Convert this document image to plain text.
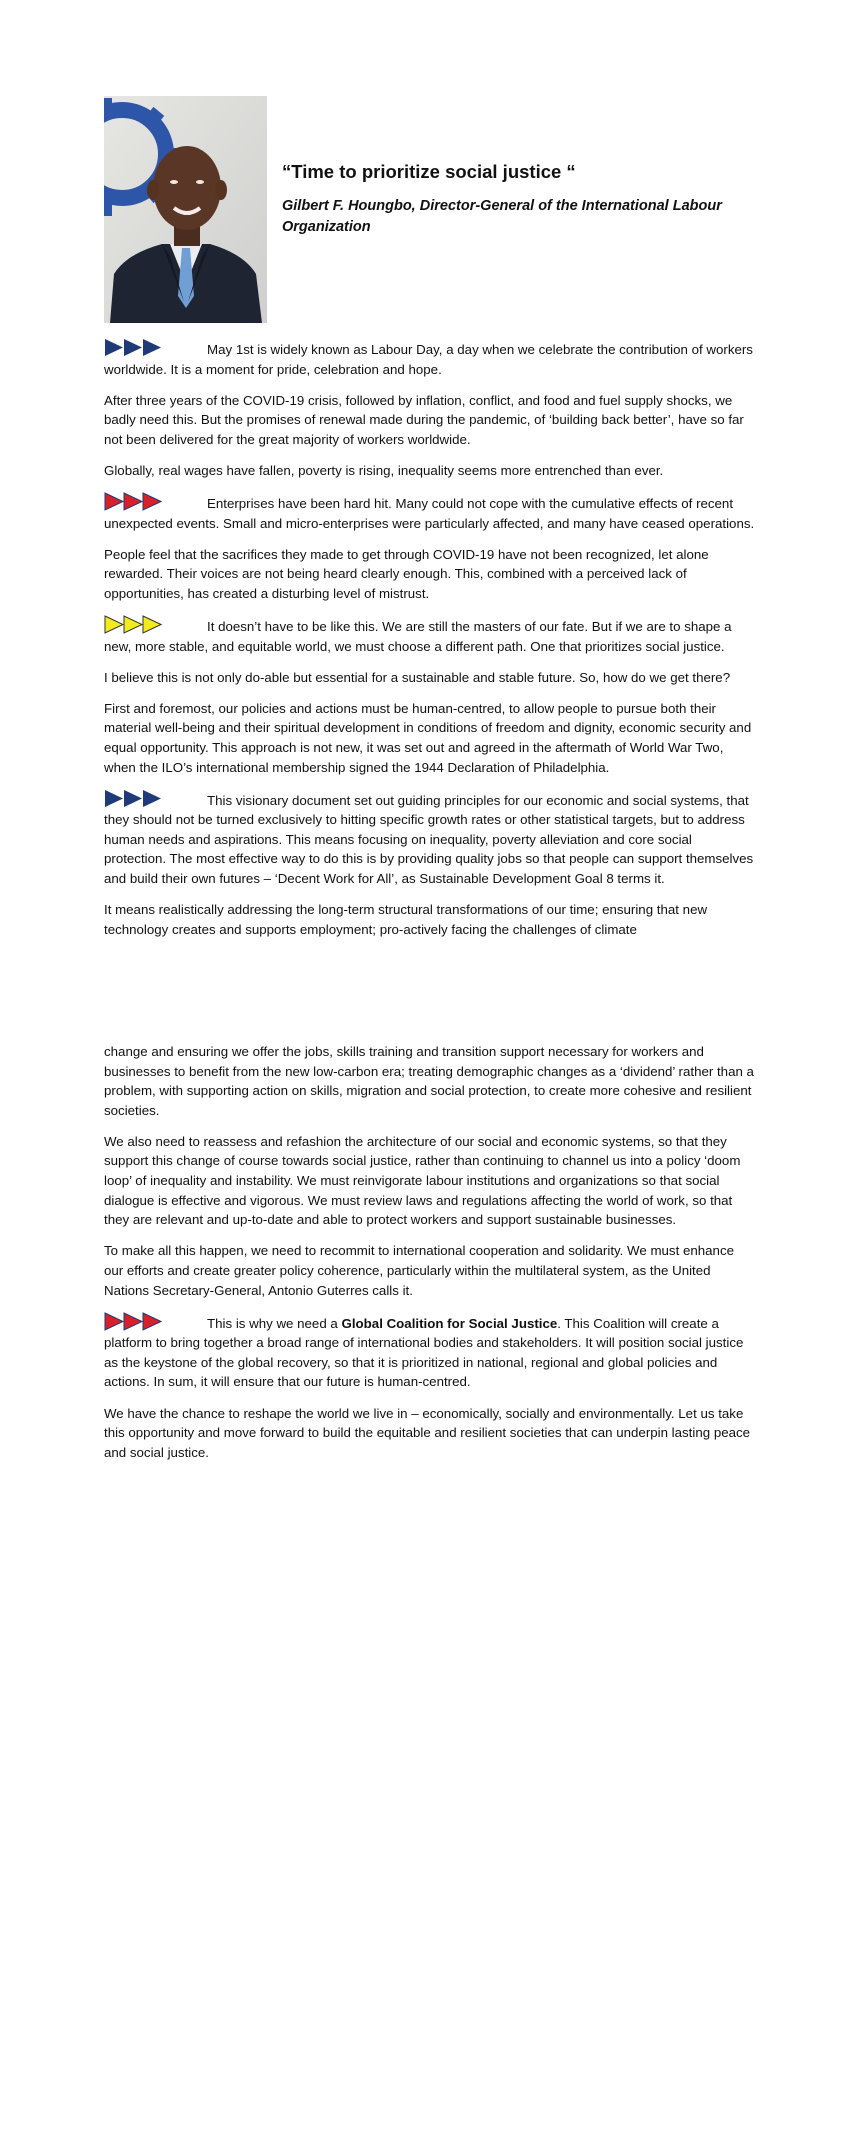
“Time to prioritize social justice “

Gilbert F. Houngbo, Director-General of the International Labour Organization

May 1st is widely known as Labour Day, a day when we celebrate the contribution of workers worldwide. It is a moment for pride, celebration and hope.

After three years of the COVID-19 crisis, followed by inflation, conflict, and food and fuel supply shocks, we badly need this. But the promises of renewal made during the pandemic, of ‘building back better’, have so far not been delivered for the great majority of workers worldwide.

Globally, real wages have fallen, poverty is rising, inequality seems more entrenched than ever.

Enterprises have been hard hit. Many could not cope with the cumulative effects of recent unexpected events. Small and micro-enterprises were particularly affected, and many have ceased operations.

People feel that the sacrifices they made to get through COVID-19 have not been recognized, let alone rewarded. Their voices are not being heard clearly enough. This, combined with a perceived lack of opportunities, has created a disturbing level of mistrust.

It doesn’t have to be like this. We are still the masters of our fate. But if we are to shape a new, more stable, and equitable world, we must choose a different path. One that prioritizes social justice.

I believe this is not only do-able but essential for a sustainable and stable future. So, how do we get there?

First and foremost, our policies and actions must be human-centred, to allow people to pursue both their material well-being and their spiritual development in conditions of freedom and dignity, economic security and equal opportunity. This approach is not new, it was set out and agreed in the aftermath of World War Two, when the ILO’s international membership signed the 1944 Declaration of Philadelphia.

This visionary document set out guiding principles for our economic and social systems, that they should not be turned exclusively to hitting specific growth rates or other statistical targets, but to address human needs and aspirations. This means focusing on inequality, poverty alleviation and core social protection. The most effective way to do this is by providing quality jobs so that people can support themselves and build their own futures – ‘Decent Work for All’, as Sustainable Development Goal 8 terms it.

It means realistically addressing the long-term structural transformations of our time; ensuring that new technology creates and supports employment; pro-actively facing the challenges of climate

change and ensuring we offer the jobs, skills training and transition support necessary for workers and businesses to benefit from the new low-carbon era; treating demographic changes as a ‘dividend’ rather than a problem, with supporting action on skills, migration and social protection, to create more cohesive and resilient societies.

We also need to reassess and refashion the architecture of our social and economic systems, so that they support this change of course towards social justice, rather than continuing to channel us into a policy ‘doom loop’ of inequality and instability. We must reinvigorate labour institutions and organizations so that social dialogue is effective and vigorous. We must review laws and regulations affecting the world of work, so that they are relevant and up-to-date and able to protect workers and support sustainable businesses.

To make all this happen, we need to recommit to international cooperation and solidarity. We must enhance our efforts and create greater policy coherence, particularly within the multilateral system, as the United Nations Secretary-General, Antonio Guterres calls it.

This is why we need a Global Coalition for Social Justice. This Coalition will create a platform to bring together a broad range of international bodies and stakeholders. It will position social justice as the keystone of the global recovery, so that it is prioritized in national, regional and global policies and actions. In sum, it will ensure that our future is human-centred.

We have the chance to reshape the world we live in – economically, socially and environmentally. Let us take this opportunity and move forward to build the equitable and resilient societies that can underpin lasting peace and social justice.
